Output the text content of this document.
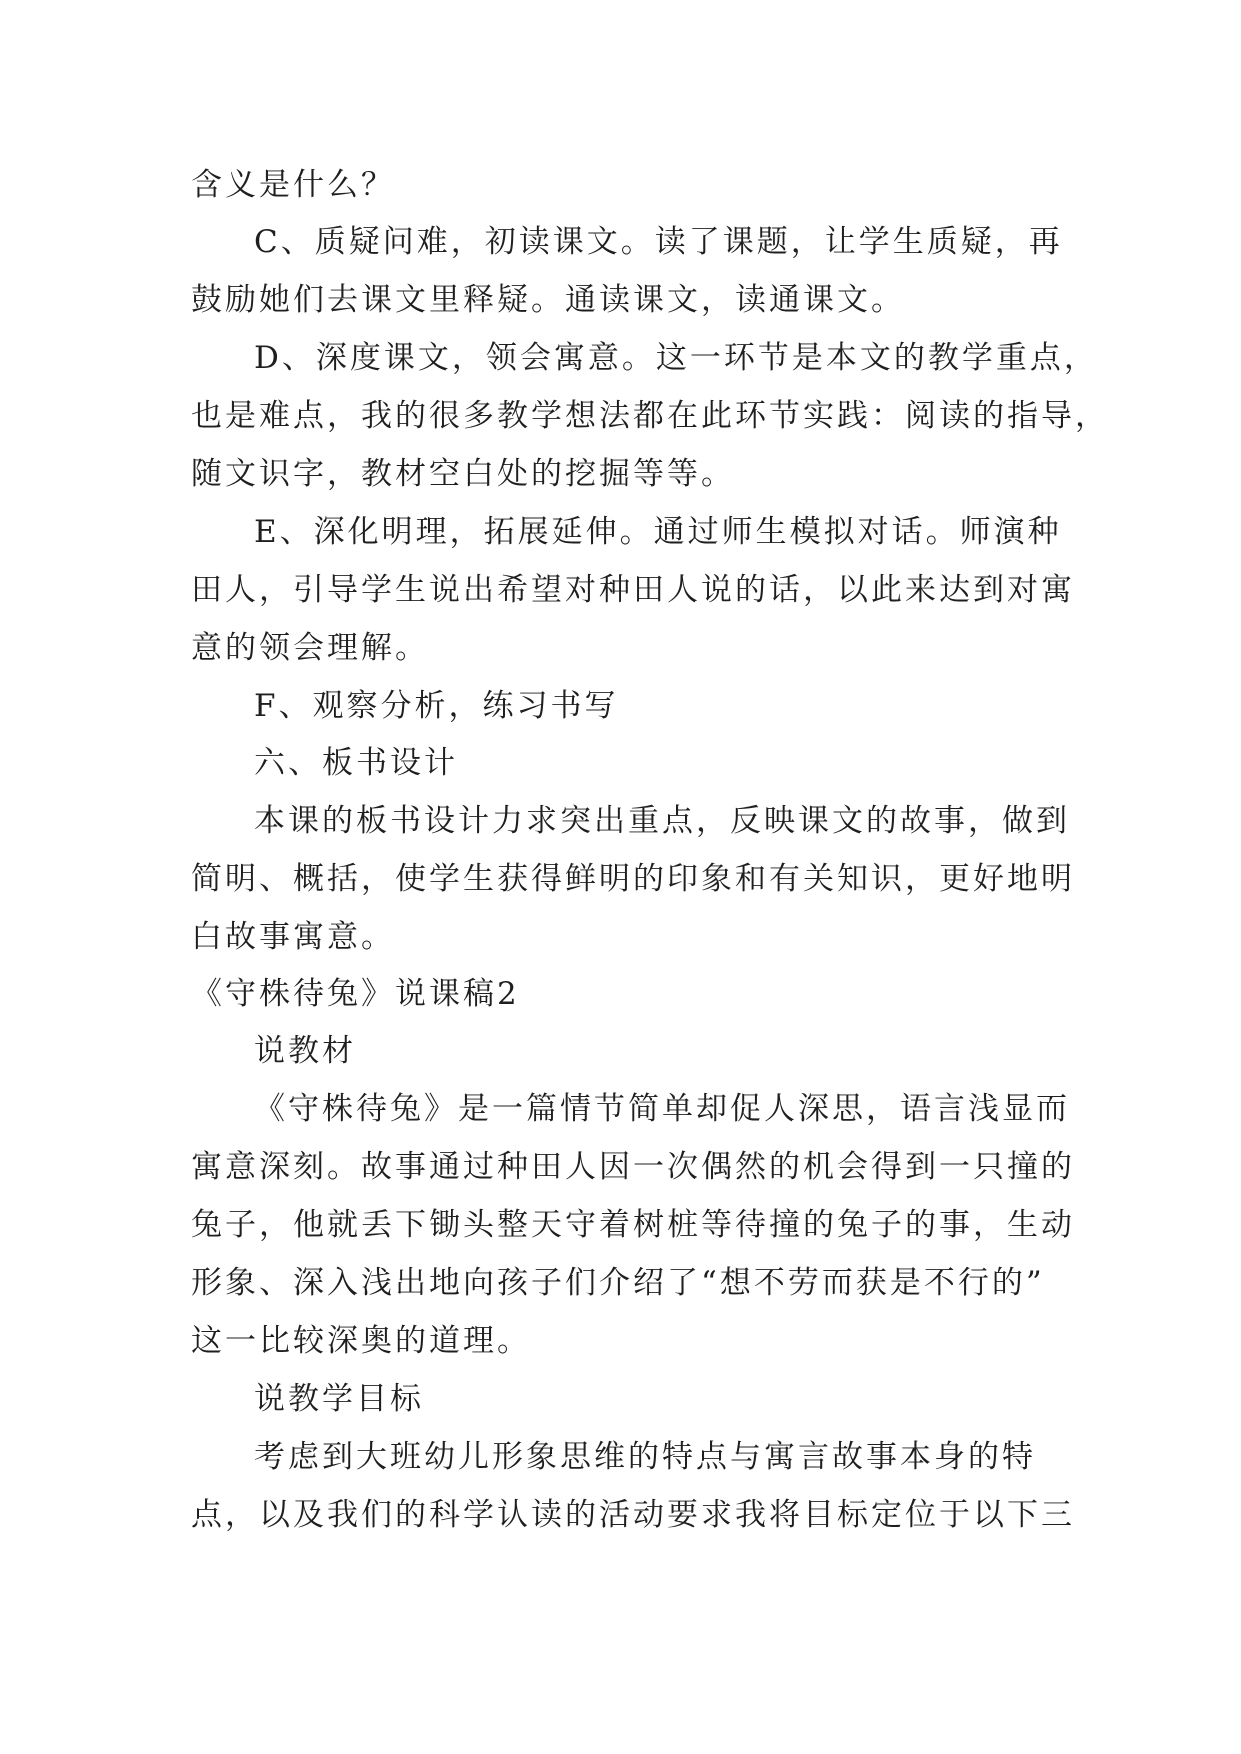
含义是什么？
C、质疑问难，初读课文。读了课题，让学生质疑，再
鼓励她们去课文里释疑。通读课文，读通课文。
D、深度课文，领会寓意。这一环节是本文的教学重点，
也是难点，我的很多教学想法都在此环节实践：阅读的指导，
随文识字，教材空白处的挖掘等等。
E、深化明理，拓展延伸。通过师生模拟对话。师演种
田人，引导学生说出希望对种田人说的话，以此来达到对寓
意的领会理解。
F、观察分析，练习书写
六、板书设计
本课的板书设计力求突出重点，反映课文的故事，做到
简明、概括，使学生获得鲜明的印象和有关知识，更好地明
白故事寓意。
《守株待兔》说课稿2
说教材
《守株待兔》是一篇情节简单却促人深思，语言浅显而
寓意深刻。故事通过种田人因一次偶然的机会得到一只撞的
兔子，他就丢下锄头整天守着树桩等待撞的兔子的事，生动
形象、深入浅出地向孩子们介绍了“想不劳而获是不行的”
这一比较深奥的道理。
说教学目标
考虑到大班幼儿形象思维的特点与寓言故事本身的特
点，以及我们的科学认读的活动要求我将目标定位于以下三
